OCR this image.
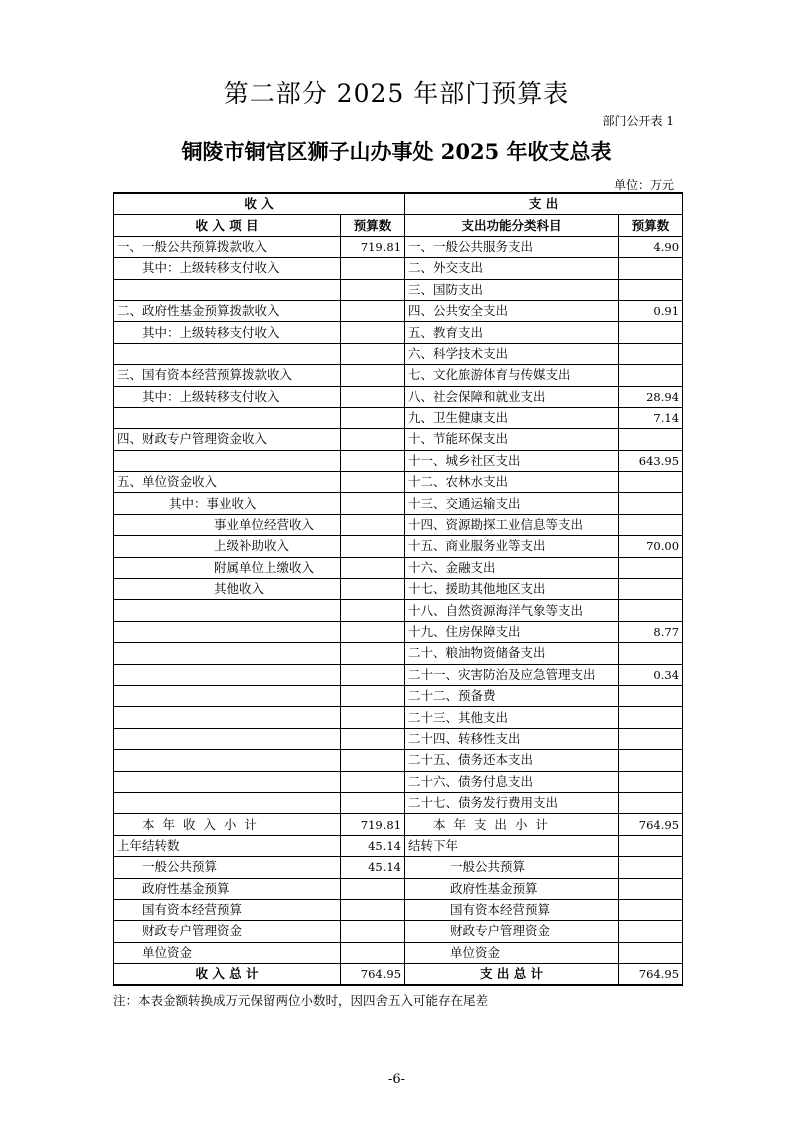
第二部分 2025 年部门预算表
部门公开表 1
铜陵市铜官区狮子山办事处 2025 年收支总表
单位：万元
收 入		支 出	
收 入 项 目	预算数	支出功能分类科目	预算数
一、一般公共预算拨款收入	719.81	一、一般公共服务支出	4.90
其中：上级转移支付收入		二、外交支出	
		三、国防支出	
二、政府性基金预算拨款收入		四、公共安全支出	0.91
其中：上级转移支付收入		五、教育支出	
		六、科学技术支出	
三、国有资本经营预算拨款收入		七、文化旅游体育与传媒支出	
其中：上级转移支付收入		八、社会保障和就业支出	28.94
		九、卫生健康支出	7.14
四、财政专户管理资金收入		十、节能环保支出	
		十一、城乡社区支出	643.95
五、单位资金收入		十二、农林水支出	
其中：事业收入		十三、交通运输支出	
事业单位经营收入		十四、资源勘探工业信息等支出	
上级补助收入		十五、商业服务业等支出	70.00
附属单位上缴收入		十六、金融支出	
其他收入		十七、援助其他地区支出	
		十八、自然资源海洋气象等支出	
		十九、住房保障支出	8.77
		二十、粮油物资储备支出	
		二十一、灾害防治及应急管理支出	0.34
		二十二、预备费	
		二十三、其他支出	
		二十四、转移性支出	
		二十五、债务还本支出	
		二十六、债务付息支出	
		二十七、债务发行费用支出	
本 年 收 入 小 计	719.81	本 年 支 出 小 计	764.95
上年结转数	45.14	结转下年	
一般公共预算	45.14	一般公共预算	
政府性基金预算		政府性基金预算	
国有资本经营预算		国有资本经营预算	
财政专户管理资金		财政专户管理资金	
单位资金		单位资金	
收 入 总 计	764.95	支 出 总 计	764.95
注：本表金额转换成万元保留两位小数时，因四舍五入可能存在尾差
-6-
